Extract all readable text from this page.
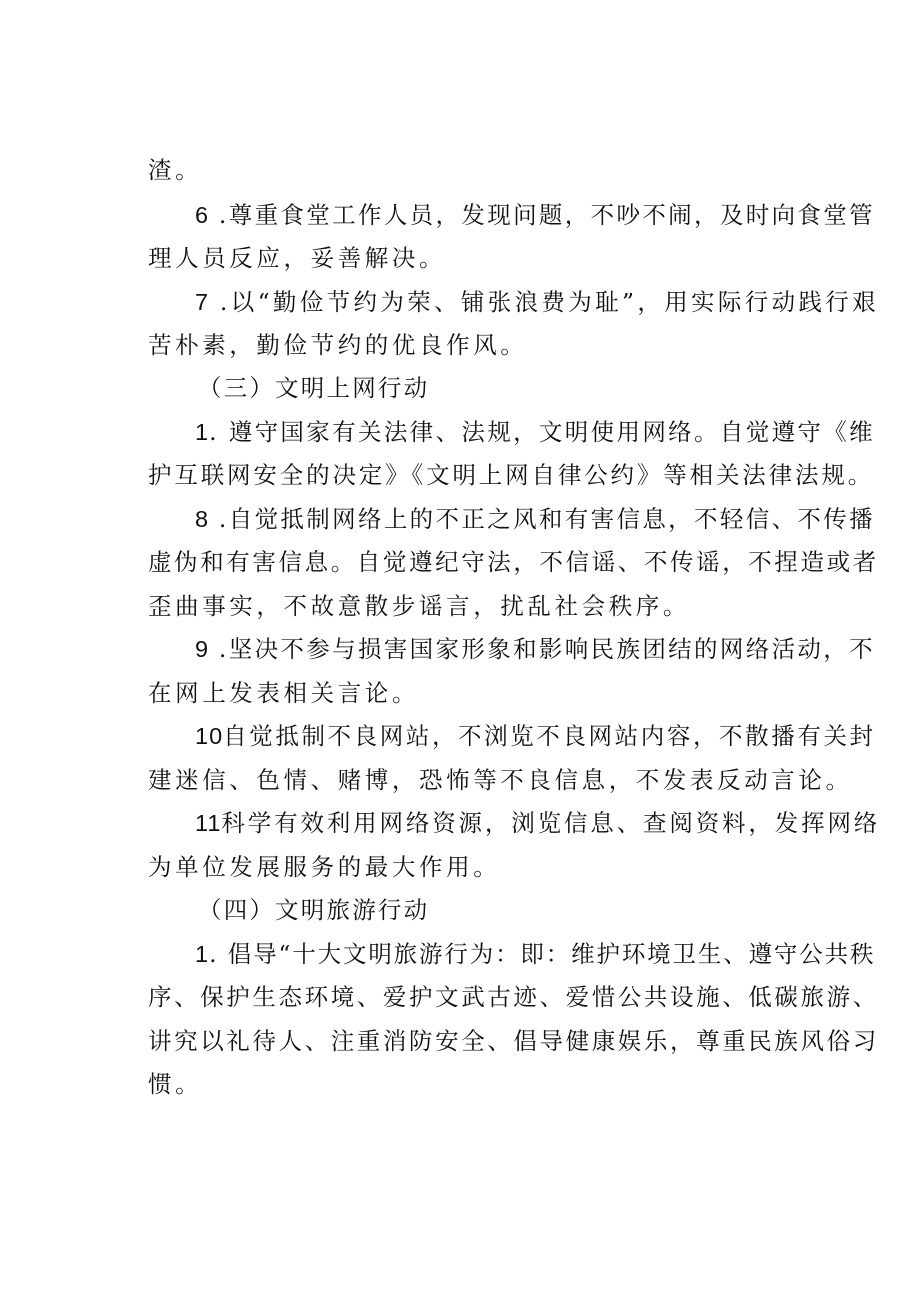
渣。
6 .尊重食堂工作人员，发现问题，不吵不闹，及时向食堂管
理人员反应，妥善解决。
7 .以“勤俭节约为荣、铺张浪费为耻”，用实际行动践行艰
苦朴素，勤俭节约的优良作风。
（三）文明上网行动
1. 遵守国家有关法律、法规，文明使用网络。自觉遵守《维
护互联网安全的决定》《文明上网自律公约》等相关法律法规。
8 .自觉抵制网络上的不正之风和有害信息，不轻信、不传播
虚伪和有害信息。自觉遵纪守法，不信谣、不传谣，不捏造或者
歪曲事实，不故意散步谣言，扰乱社会秩序。
9 .坚决不参与损害国家形象和影响民族团结的网络活动，不
在网上发表相关言论。
10自觉抵制不良网站，不浏览不良网站内容，不散播有关封
建迷信、色情、赌博，恐怖等不良信息，不发表反动言论。
11科学有效利用网络资源，浏览信息、查阅资料，发挥网络
为单位发展服务的最大作用。
（四）文明旅游行动
1. 倡导“十大文明旅游行为：即：维护环境卫生、遵守公共秩
序、保护生态环境、爱护文武古迹、爱惜公共设施、低碳旅游、
讲究以礼待人、注重消防安全、倡导健康娱乐，尊重民族风俗习
惯。
